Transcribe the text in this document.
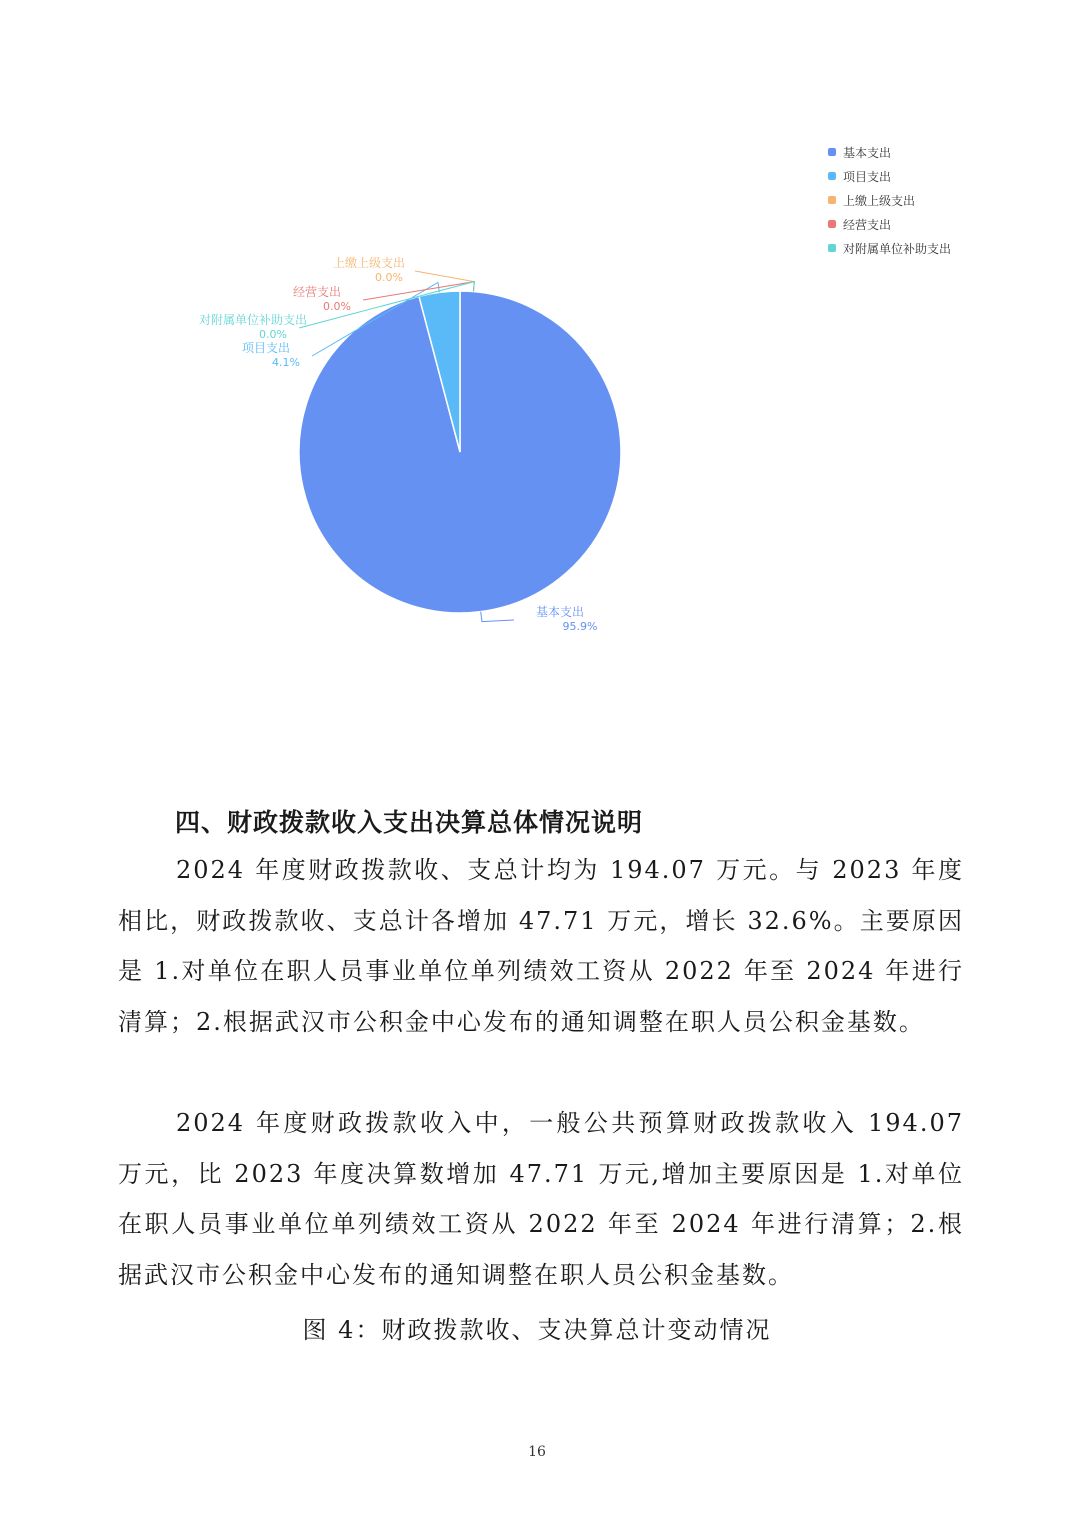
基本支出
95.9%
项目支出
4.1%
上缴上级支出
0.0%
经营支出
0.0%
对附属单位补助支出
0.0%
基本支出
项目支出
上缴上级支出
经营支出
对附属单位补助支出
四、财政拨款收入支出决算总体情况说明

2024 年度财政拨款收、支总计均为 194.07 万元。与 2023 年度相比，财政拨款收、支总计各增加 47.71 万元，增长 32.6%。主要原因是 1.对单位在职人员事业单位单列绩效工资从 2022 年至 2024 年进行清算；2.根据武汉市公积金中心发布的通知调整在职人员公积金基数。

2024 年度财政拨款收入中，一般公共预算财政拨款收入 194.07 万元，比 2023 年度决算数增加 47.71 万元,增加主要原因是 1.对单位在职人员事业单位单列绩效工资从 2022 年至 2024 年进行清算；2.根据武汉市公积金中心发布的通知调整在职人员公积金基数。

图 4：财政拨款收、支决算总计变动情况
16
